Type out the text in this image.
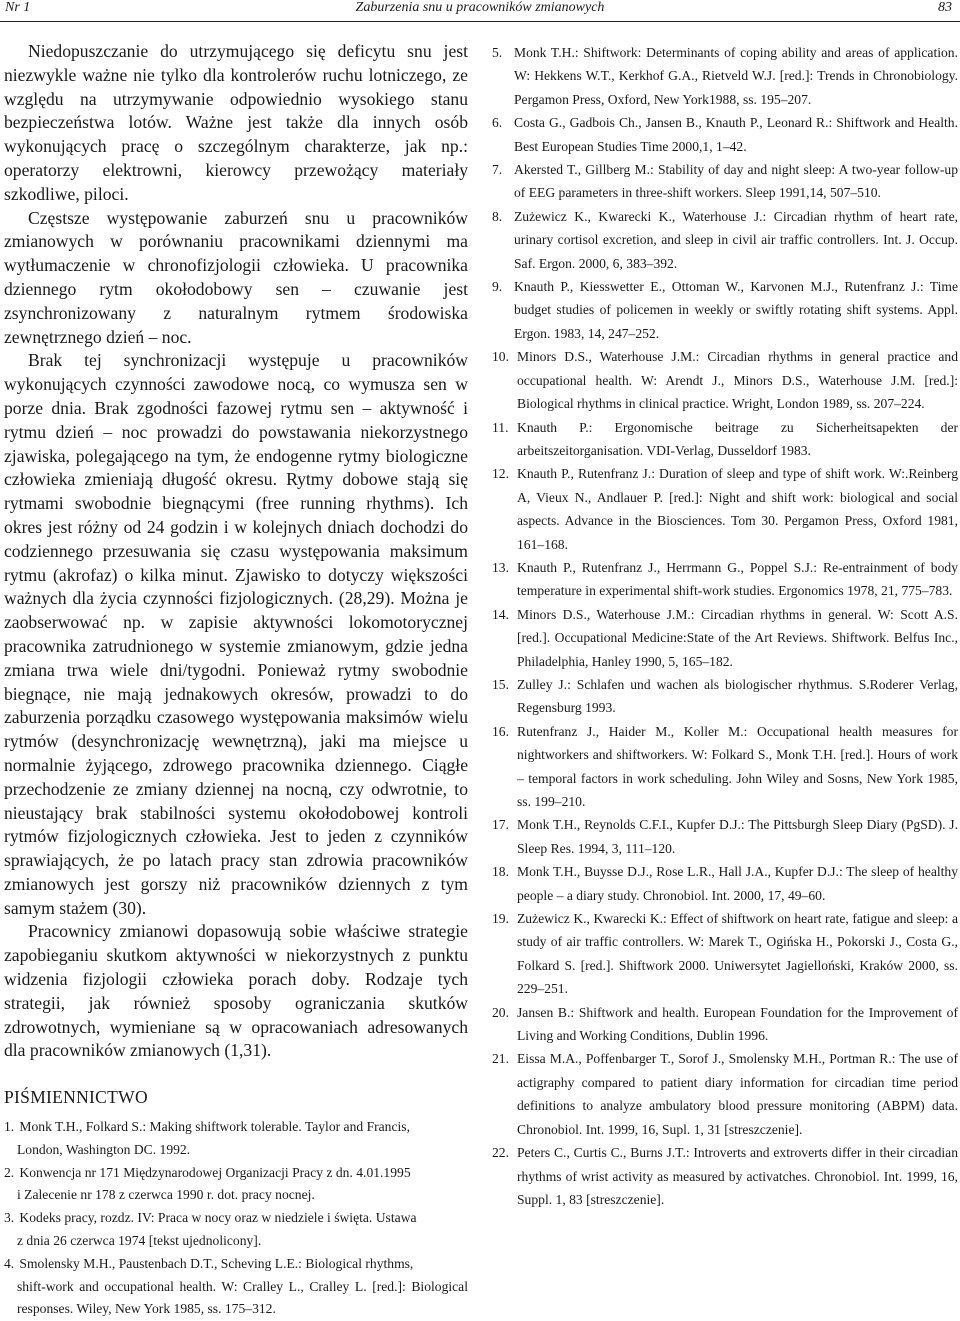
Nr 1	Zaburzenia snu u pracowników zmianowych	83

Niedopuszczanie do utrzymującego się deficytu snu jest niezwykle ważne nie tylko dla kontrolerów ruchu lotniczego, ze względu na utrzymywanie odpowiednio wysokiego stanu bezpieczeństwa lotów. Ważne jest także dla innych osób wykonujących pracę o szczególnym charakterze, jak np.: operatorzy elektrowni, kierowcy przewożący materiały szkodliwe, piloci.

Częstsze występowanie zaburzeń snu u pracowników zmianowych w porównaniu pracownikami dziennymi ma wytłumaczenie w chronofizjologii człowieka. U pracownika dziennego rytm okołodobowy sen – czuwanie jest zsynchronizowany z naturalnym rytmem środowiska zewnętrznego dzień – noc.

Brak tej synchronizacji występuje u pracowników wykonujących czynności zawodowe nocą, co wymusza sen w porze dnia. Brak zgodności fazowej rytmu sen – aktywność i rytmu dzień – noc prowadzi do powstawania niekorzystnego zjawiska, polegającego na tym, że endogenne rytmy biologiczne człowieka zmieniają długość okresu. Rytmy dobowe stają się rytmami swobodnie biegnącymi (free running rhythms). Ich okres jest różny od 24 godzin i w kolejnych dniach dochodzi do codziennego przesuwania się czasu występowania maksimum rytmu (akrofaz) o kilka minut. Zjawisko to dotyczy większości ważnych dla życia czynności fizjologicznych. (28,29). Można je zaobserwować np. w zapisie aktywności lokomotorycznej pracownika zatrudnionego w systemie zmianowym, gdzie jedna zmiana trwa wiele dni/tygodni. Ponieważ rytmy swobodnie biegnące, nie mają jednakowych okresów, prowadzi to do zaburzenia porządku czasowego występowania maksimów wielu rytmów (desynchronizację wewnętrzną), jaki ma miejsce u normalnie żyjącego, zdrowego pracownika dziennego. Ciągłe przechodzenie ze zmiany dziennej na nocną, czy odwrotnie, to nieustający brak stabilności systemu okołodobowej kontroli rytmów fizjologicznych człowieka. Jest to jeden z czynników sprawiających, że po latach pracy stan zdrowia pracowników zmianowych jest gorszy niż pracowników dziennych z tym samym stażem (30).

Pracownicy zmianowi dopasowują sobie właściwe strategie zapobieganiu skutkom aktywności w niekorzystnych z punktu widzenia fizjologii człowieka porach doby. Rodzaje tych strategii, jak również sposoby ograniczania skutków zdrowotnych, wymieniane są w opracowaniach adresowanych dla pracowników zmianowych (1,31).

PIŚMIENNICTWO
1. Monk T.H., Folkard S.: Making shiftwork tolerable. Taylor and Francis,
London, Washington DC. 1992.
2. Konwencja nr 171 Międzynarodowej Organizacji Pracy z dn. 4.01.1995
i Zalecenie nr 178 z czerwca 1990 r. dot. pracy nocnej.
3. Kodeks pracy, rozdz. IV: Praca w nocy oraz w niedziele i święta. Ustawa
z dnia 26 czerwca 1974 [tekst ujednolicony].
4. Smolensky M.H., Paustenbach D.T., Scheving L.E.: Biological rhythms,
shift-work and occupational health. W: Cralley L., Cralley L. [red.]: Biological responses. Wiley, New York 1985, ss. 175–312.
5. Monk T.H.: Shiftwork: Determinants of coping ability and areas of application. W: Hekkens W.T., Kerkhof G.A., Rietveld W.J. [red.]: Trends in Chronobiology. Pergamon Press, Oxford, New York1988, ss. 195–207.
6. Costa G., Gadbois Ch., Jansen B., Knauth P., Leonard R.: Shiftwork and Health. Best European Studies Time 2000,1, 1–42.
7. Akersted T., Gillberg M.: Stability of day and night sleep: A two-year follow-up of EEG parameters in three-shift workers. Sleep 1991,14, 507–510.
8. Zużewicz K., Kwarecki K., Waterhouse J.: Circadian rhythm of heart rate, urinary cortisol excretion, and sleep in civil air traffic controllers. Int. J. Occup. Saf. Ergon. 2000, 6, 383–392.
9. Knauth P., Kiesswetter E., Ottoman W., Karvonen M.J., Rutenfranz J.: Time budget studies of policemen in weekly or swiftly rotating shift systems. Appl. Ergon. 1983, 14, 247–252.
10. Minors D.S., Waterhouse J.M.: Circadian rhythms in general practice and occupational health. W: Arendt J., Minors D.S., Waterhouse J.M. [red.]: Biological rhythms in clinical practice. Wright, London 1989, ss. 207–224.
11. Knauth P.: Ergonomische beitrage zu Sicherheitsapekten der arbeitszeitorganisation. VDI-Verlag, Dusseldorf 1983.
12. Knauth P., Rutenfranz J.: Duration of sleep and type of shift work. W:.Reinberg A, Vieux N., Andlauer P. [red.]: Night and shift work: biological and social aspects. Advance in the Biosciences. Tom 30. Pergamon Press, Oxford 1981, 161–168.
13. Knauth P., Rutenfranz J., Herrmann G., Poppel S.J.: Re-entrainment of body temperature in experimental shift-work studies. Ergonomics 1978, 21, 775–783.
14. Minors D.S., Waterhouse J.M.: Circadian rhythms in general. W: Scott A.S. [red.]. Occupational Medicine:State of the Art Reviews. Shiftwork. Belfus Inc., Philadelphia, Hanley 1990, 5, 165–182.
15. Zulley J.: Schlafen und wachen als biologischer rhythmus. S.Roderer Verlag, Regensburg 1993.
16. Rutenfranz J., Haider M., Koller M.: Occupational health measures for nightworkers and shiftworkers. W: Folkard S., Monk T.H. [red.]. Hours of work – temporal factors in work scheduling. John Wiley and Sosns, New York 1985, ss. 199–210.
17. Monk T.H., Reynolds C.F.I., Kupfer D.J.: The Pittsburgh Sleep Diary (PgSD). J. Sleep Res. 1994, 3, 111–120.
18. Monk T.H., Buysse D.J., Rose L.R., Hall J.A., Kupfer D.J.: The sleep of healthy people – a diary study. Chronobiol. Int. 2000, 17, 49–60.
19. Zużewicz K., Kwarecki K.: Effect of shiftwork on heart rate, fatigue and sleep: a study of air traffic controllers. W: Marek T., Ogińska H., Pokorski J., Costa G., Folkard S. [red.]. Shiftwork 2000. Uniwersytet Jagielloński, Kraków 2000, ss. 229–251.
20. Jansen B.: Shiftwork and health. European Foundation for the Improvement of Living and Working Conditions, Dublin 1996.
21. Eissa M.A., Poffenbarger T., Sorof J., Smolensky M.H., Portman R.: The use of actigraphy compared to patient diary information for circadian time period definitions to analyze ambulatory blood pressure monitoring (ABPM) data. Chronobiol. Int. 1999, 16, Supl. 1, 31 [streszczenie].
22. Peters C., Curtis C., Burns J.T.: Introverts and extroverts differ in their circadian rhythms of wrist activity as measured by activatches. Chronobiol. Int. 1999, 16, Suppl. 1, 83 [streszczenie].
